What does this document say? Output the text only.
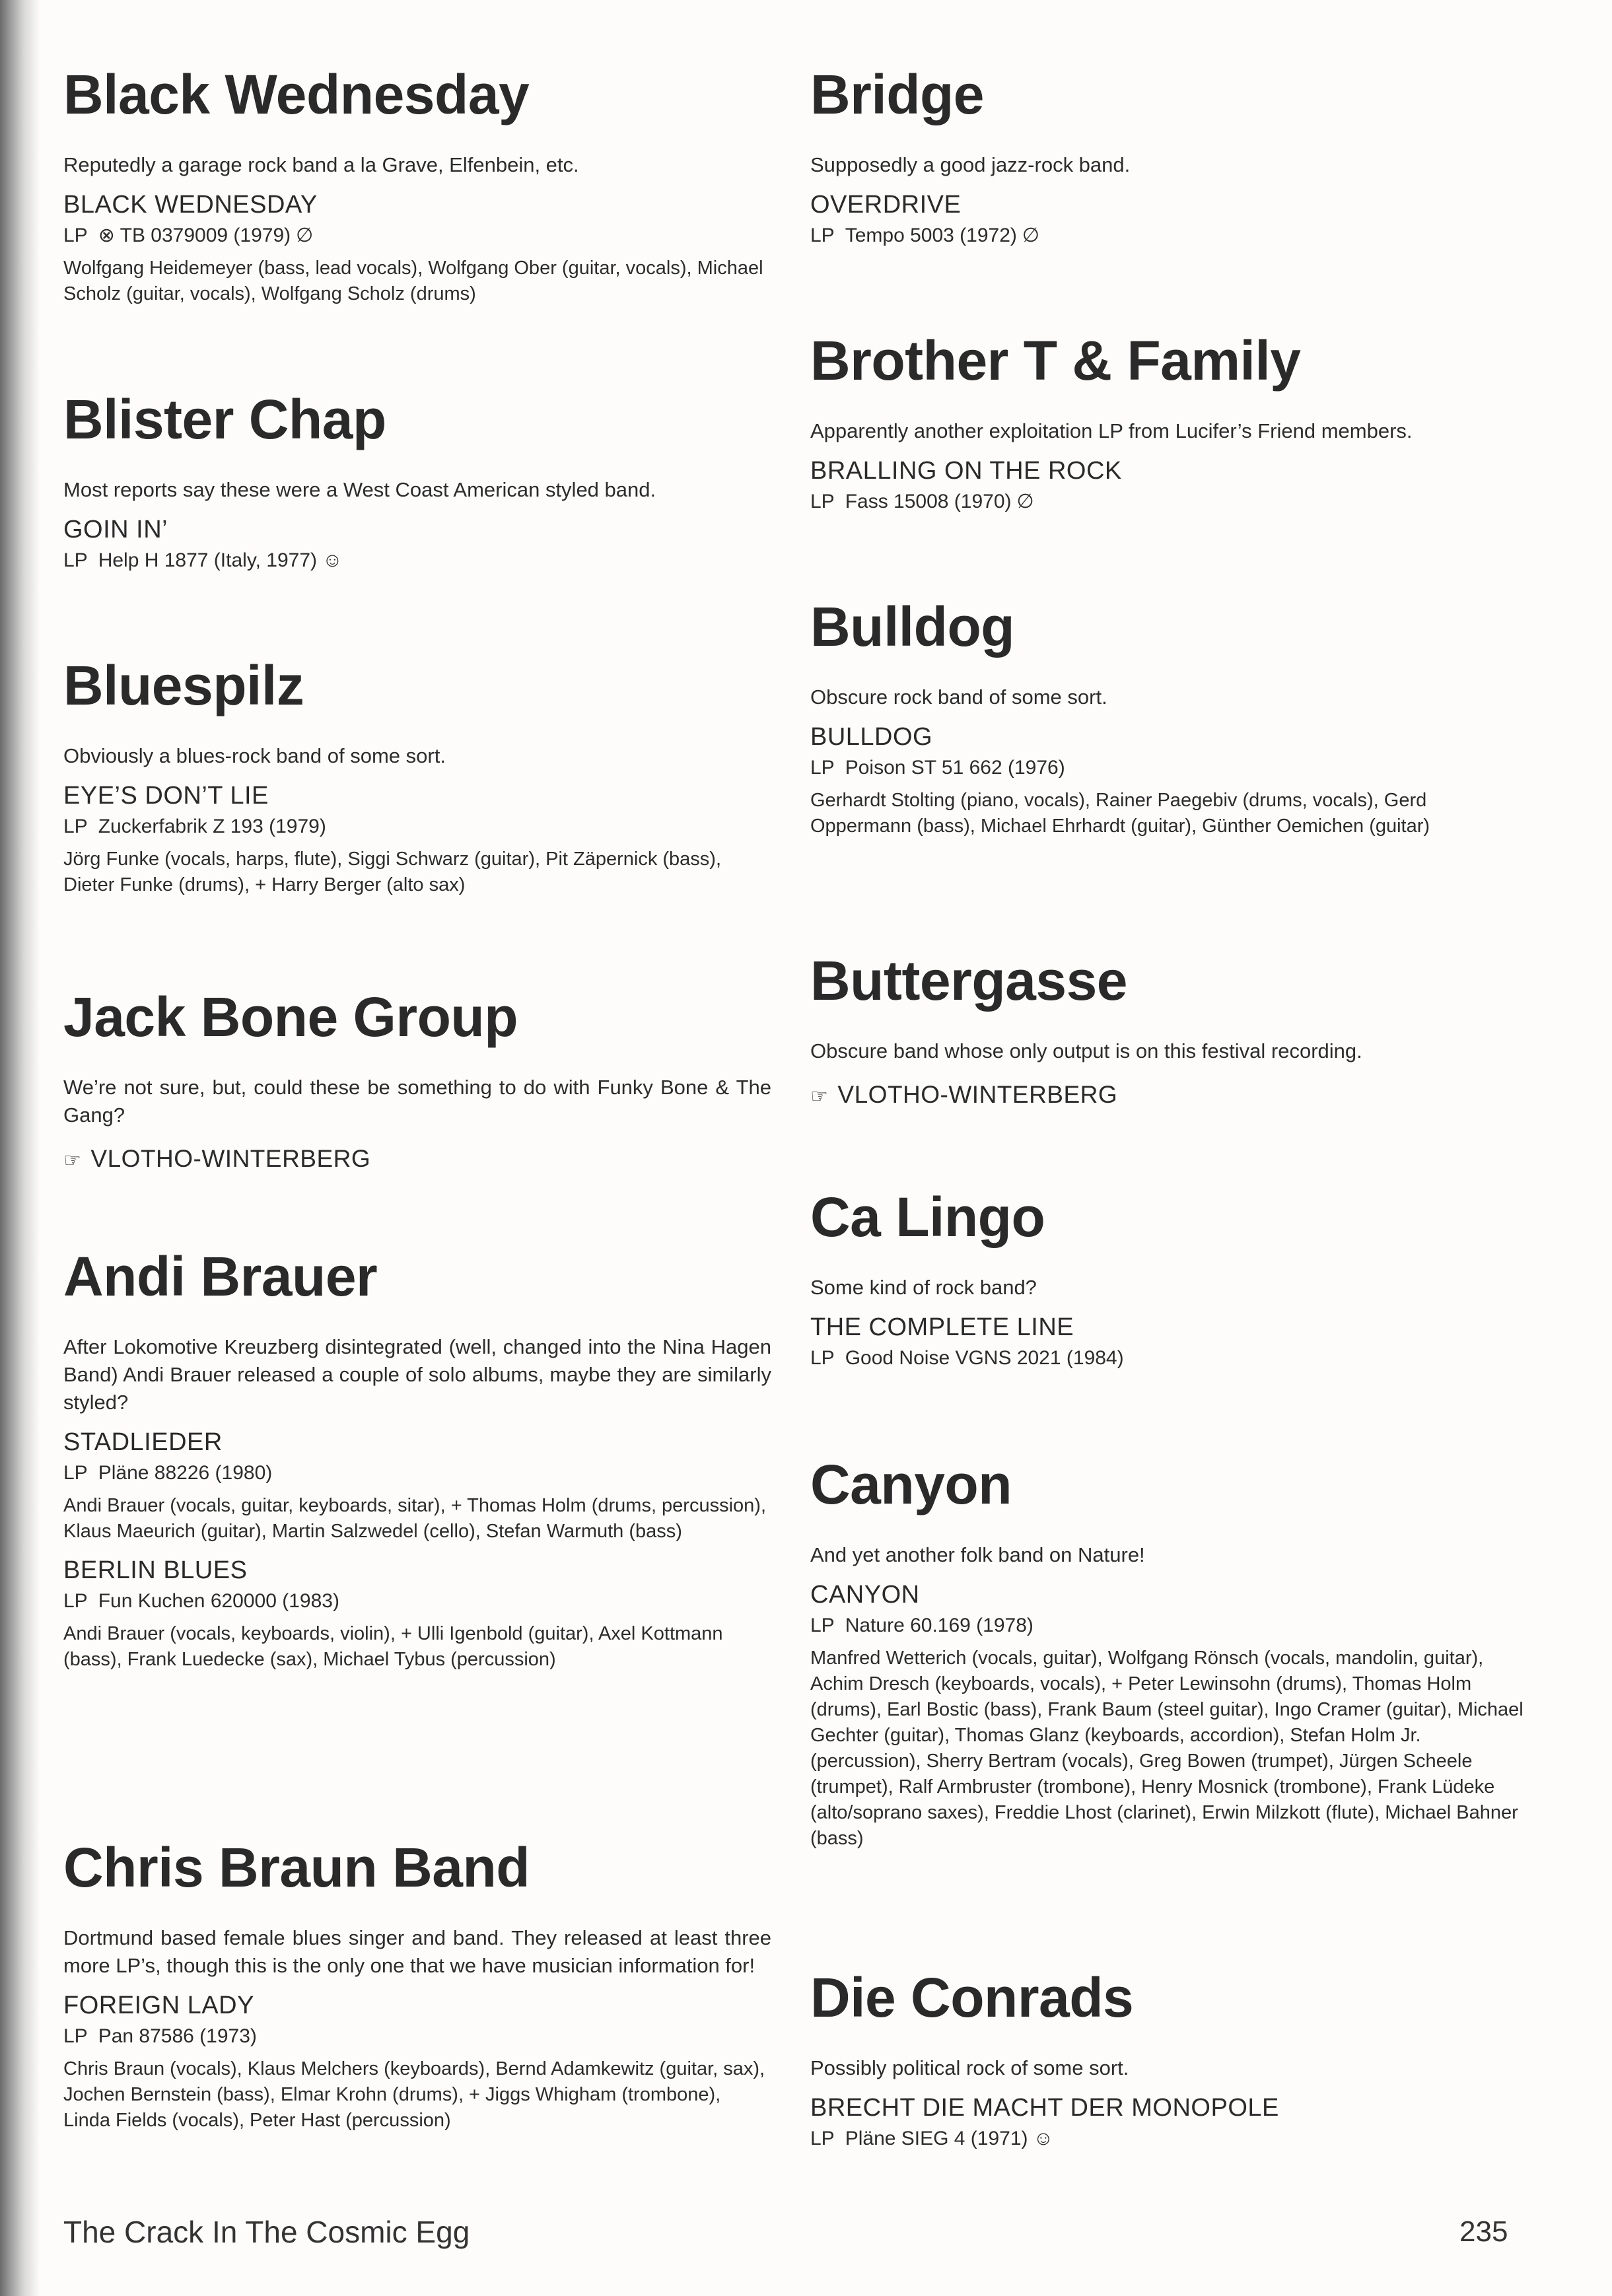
Black Wednesday
Reputedly a garage rock band a la Grave, Elfenbein, etc.
BLACK WEDNESDAY
LP ⊗ TB 0379009 (1979) ∅
Wolfgang Heidemeyer (bass, lead vocals), Wolfgang Ober (guitar, vocals), Michael Scholz (guitar, vocals), Wolfgang Scholz (drums)
Blister Chap
Most reports say these were a West Coast American styled band.
GOIN IN’
LP Help H 1877 (Italy, 1977) ☺
Bluespilz
Obviously a blues-rock band of some sort.
EYE’S DON’T LIE
LP Zuckerfabrik Z 193 (1979)
Jörg Funke (vocals, harps, flute), Siggi Schwarz (guitar), Pit Zäpernick (bass), Dieter Funke (drums), + Harry Berger (alto sax)
Jack Bone Group
We’re not sure, but, could these be something to do with Funky Bone & The Gang?
☞ VLOTHO-WINTERBERG
Andi Brauer
After Lokomotive Kreuzberg disintegrated (well, changed into the Nina Hagen Band) Andi Brauer released a couple of solo albums, maybe they are similarly styled?
STADLIEDER
LP Pläne 88226 (1980)
Andi Brauer (vocals, guitar, keyboards, sitar), + Thomas Holm (drums, percussion), Klaus Maeurich (guitar), Martin Salzwedel (cello), Stefan Warmuth (bass)
BERLIN BLUES
LP Fun Kuchen 620000 (1983)
Andi Brauer (vocals, keyboards, violin), + Ulli Igenbold (guitar), Axel Kottmann (bass), Frank Luedecke (sax), Michael Tybus (percussion)
Chris Braun Band
Dortmund based female blues singer and band. They released at least three more LP’s, though this is the only one that we have musician information for!
FOREIGN LADY
LP Pan 87586 (1973)
Chris Braun (vocals), Klaus Melchers (keyboards), Bernd Adamkewitz (guitar, sax), Jochen Bernstein (bass), Elmar Krohn (drums), + Jiggs Whigham (trombone), Linda Fields (vocals), Peter Hast (percussion)
Bridge
Supposedly a good jazz-rock band.
OVERDRIVE
LP Tempo 5003 (1972) ∅
Brother T & Family
Apparently another exploitation LP from Lucifer’s Friend members.
BRALLING ON THE ROCK
LP Fass 15008 (1970) ∅
Bulldog
Obscure rock band of some sort.
BULLDOG
LP Poison ST 51 662 (1976)
Gerhardt Stolting (piano, vocals), Rainer Paegebiv (drums, vocals), Gerd Oppermann (bass), Michael Ehrhardt (guitar), Günther Oemichen (guitar)
Buttergasse
Obscure band whose only output is on this festival recording.
☞ VLOTHO-WINTERBERG
Ca Lingo
Some kind of rock band?
THE COMPLETE LINE
LP Good Noise VGNS 2021 (1984)
Canyon
And yet another folk band on Nature!
CANYON
LP Nature 60.169 (1978)
Manfred Wetterich (vocals, guitar), Wolfgang Rönsch (vocals, mandolin, guitar), Achim Dresch (keyboards, vocals), + Peter Lewinsohn (drums), Thomas Holm (drums), Earl Bostic (bass), Frank Baum (steel guitar), Ingo Cramer (guitar), Michael Gechter (guitar), Thomas Glanz (keyboards, accordion), Stefan Holm Jr. (percussion), Sherry Bertram (vocals), Greg Bowen (trumpet), Jürgen Scheele (trumpet), Ralf Armbruster (trombone), Henry Mosnick (trombone), Frank Lüdeke (alto/soprano saxes), Freddie Lhost (clarinet), Erwin Milzkott (flute), Michael Bahner (bass)
Die Conrads
Possibly political rock of some sort.
BRECHT DIE MACHT DER MONOPOLE
LP Pläne SIEG 4 (1971) ☺
The Crack In The Cosmic Egg	235
